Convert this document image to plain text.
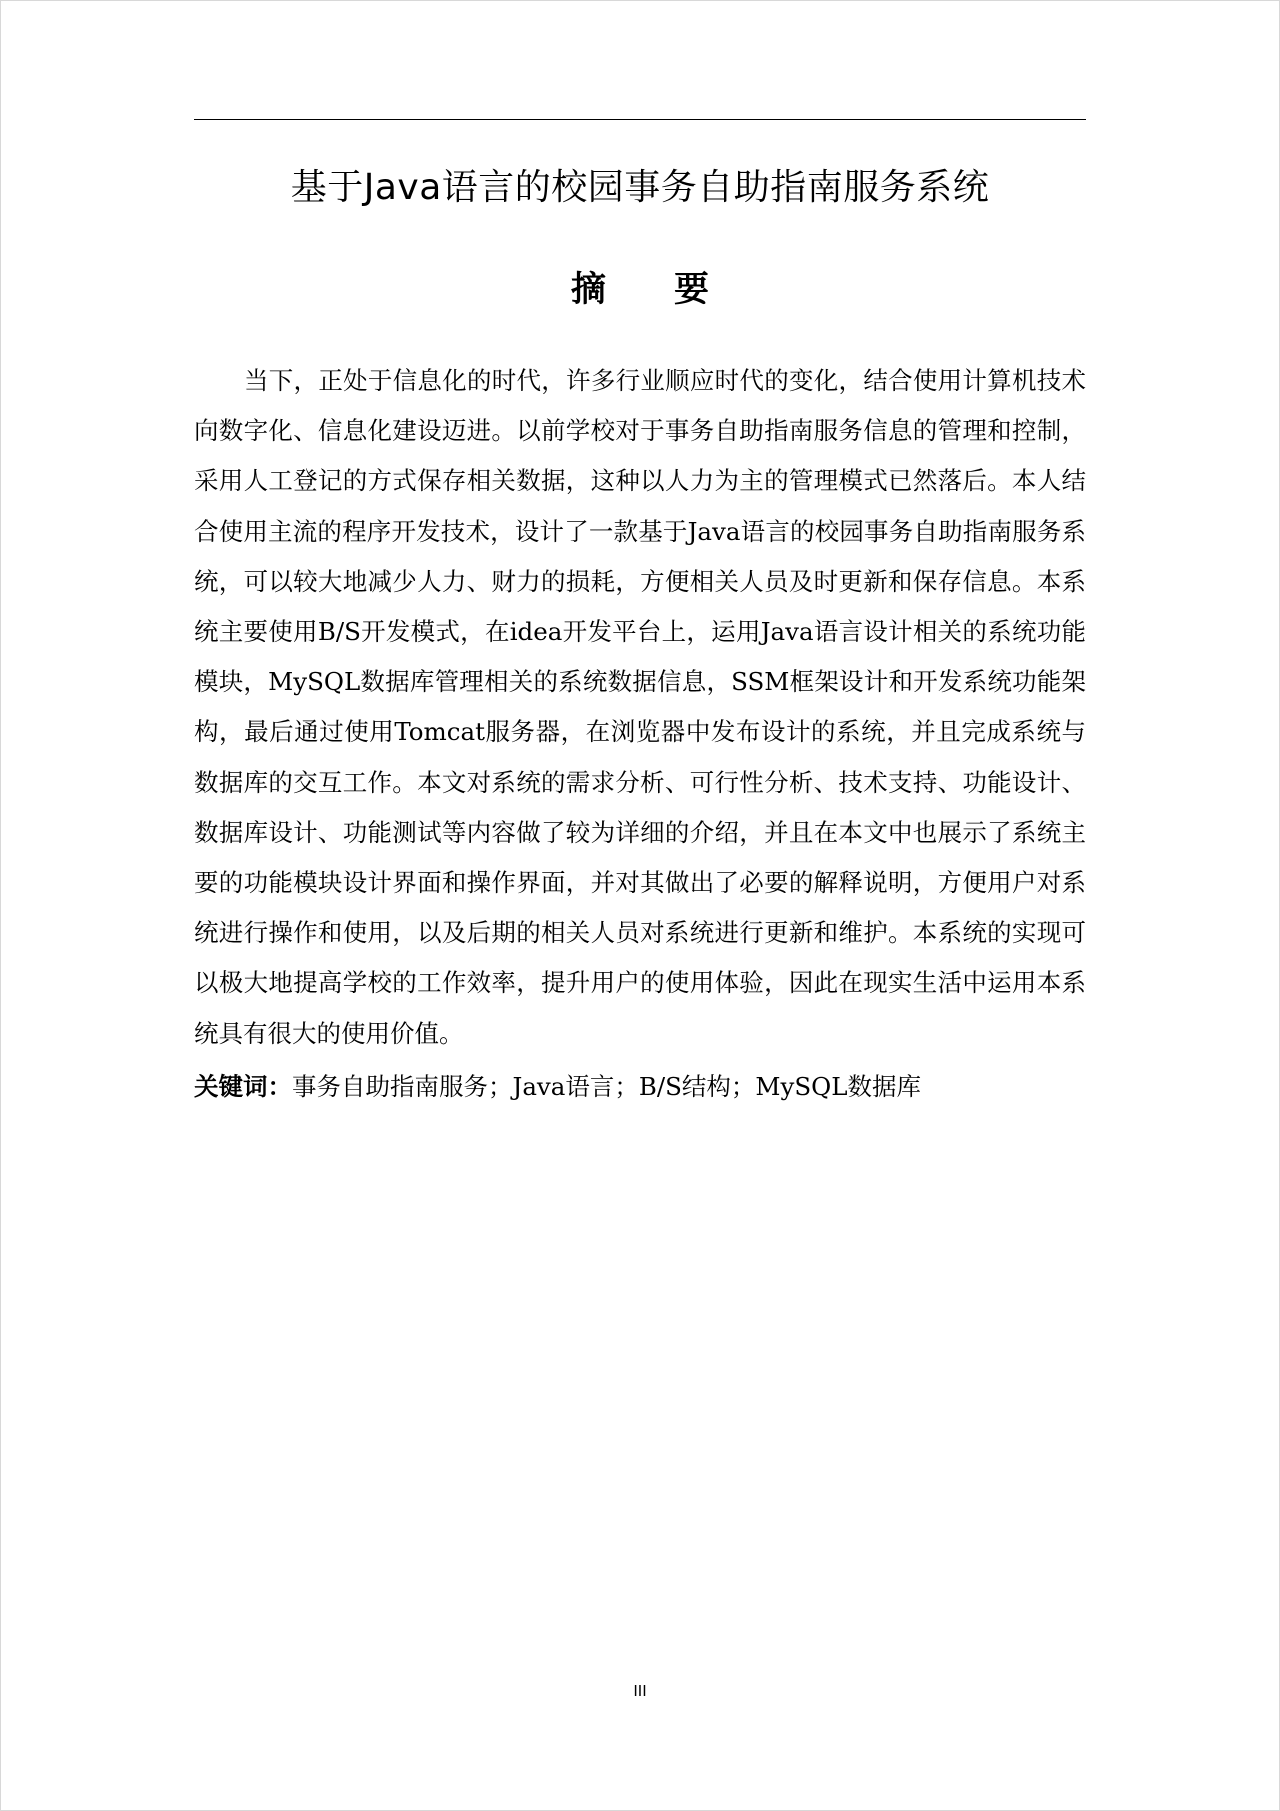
基于Java语言的校园事务自助指南服务系统
摘 要

当下，正处于信息化的时代，许多行业顺应时代的变化，结合使用计算机技术向数字化、信息化建设迈进。以前学校对于事务自助指南服务信息的管理和控制，采用人工登记的方式保存相关数据，这种以人力为主的管理模式已然落后。本人结合使用主流的程序开发技术，设计了一款基于Java语言的校园事务自助指南服务系统，可以较大地减少人力、财力的损耗，方便相关人员及时更新和保存信息。本系统主要使用B/S开发模式，在idea开发平台上，运用Java语言设计相关的系统功能模块，MySQL数据库管理相关的系统数据信息，SSM框架设计和开发系统功能架构，最后通过使用Tomcat服务器，在浏览器中发布设计的系统，并且完成系统与数据库的交互工作。本文对系统的需求分析、可行性分析、技术支持、功能设计、数据库设计、功能测试等内容做了较为详细的介绍，并且在本文中也展示了系统主要的功能模块设计界面和操作界面，并对其做出了必要的解释说明，方便用户对系统进行操作和使用，以及后期的相关人员对系统进行更新和维护。本系统的实现可以极大地提高学校的工作效率，提升用户的使用体验，因此在现实生活中运用本系统具有很大的使用价值。

关键词：事务自助指南服务；Java语言；B/S结构；MySQL数据库
III
